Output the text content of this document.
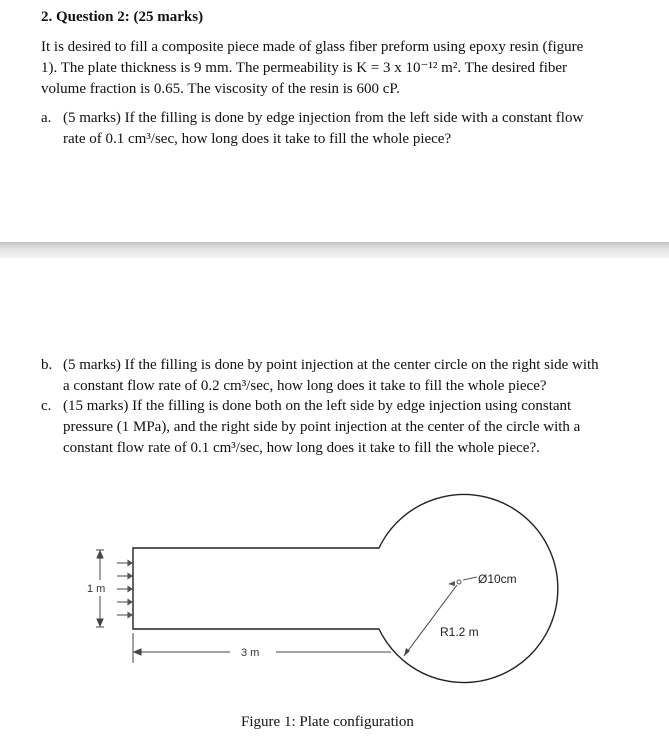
2. Question 2: (25 marks)
It is desired to fill a composite piece made of glass fiber preform using epoxy resin (figure
1). The plate thickness is 9 mm. The permeability is K = 3 x 10⁻¹² m². The desired fiber
volume fraction is 0.65. The viscosity of the resin is 600 cP.
a. (5 marks) If the filling is done by edge injection from the left side with a constant flow
rate of 0.1 cm³/sec, how long does it take to fill the whole piece?
b. (5 marks) If the filling is done by point injection at the center circle on the right side with
a constant flow rate of 0.2 cm³/sec, how long does it take to fill the whole piece?
c. (15 marks) If the filling is done both on the left side by edge injection using constant
pressure (1 MPa), and the right side by point injection at the center of the circle with a
constant flow rate of 0.1 cm³/sec, how long does it take to fill the whole piece?.
1 m
3 m
Ø10cm
R1.2 m
Figure 1: Plate configuration
